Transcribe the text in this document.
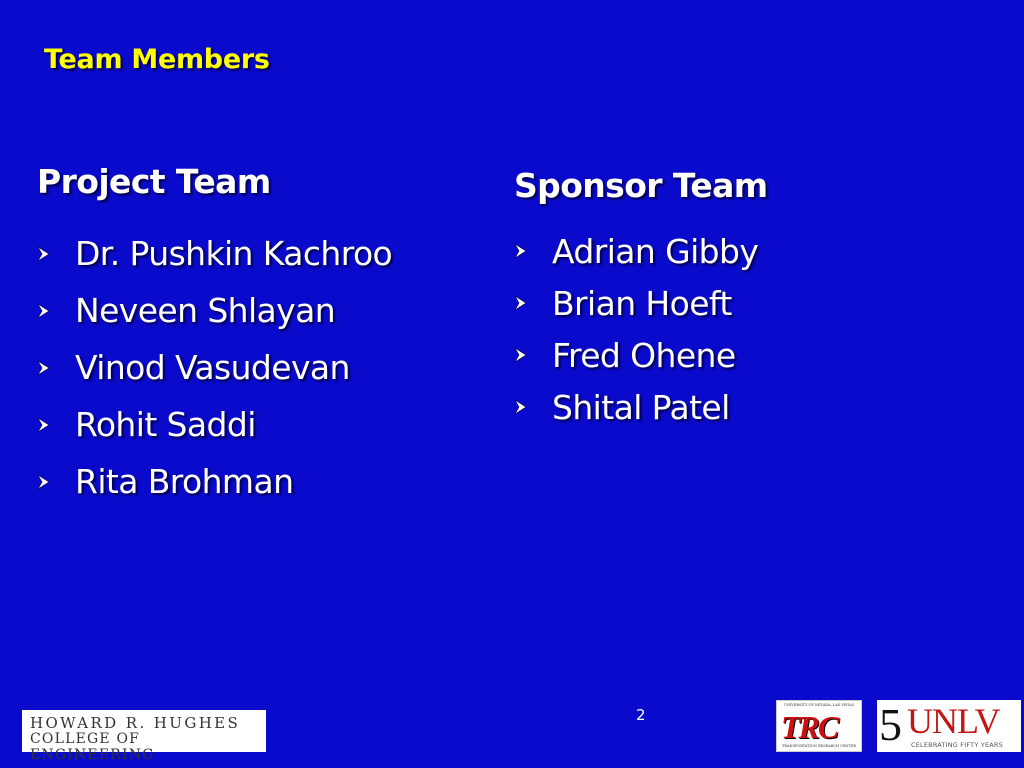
Team Members
Project Team
Dr. Pushkin Kachroo
Neveen Shlayan
Vinod Vasudevan
Rohit Saddi
Rita Brohman
Sponsor Team
Adrian Gibby
Brian Hoeft
Fred Ohene
Shital Patel
2
HOWARD R. HUGHES
COLLEGE OF ENGINEERING
UNIVERSITY OF NEVADA, LAS VEGAS
TRC
TRANSPORTATION RESEARCH CENTER 5 UNLV
CELEBRATING FIFTY YEARS
